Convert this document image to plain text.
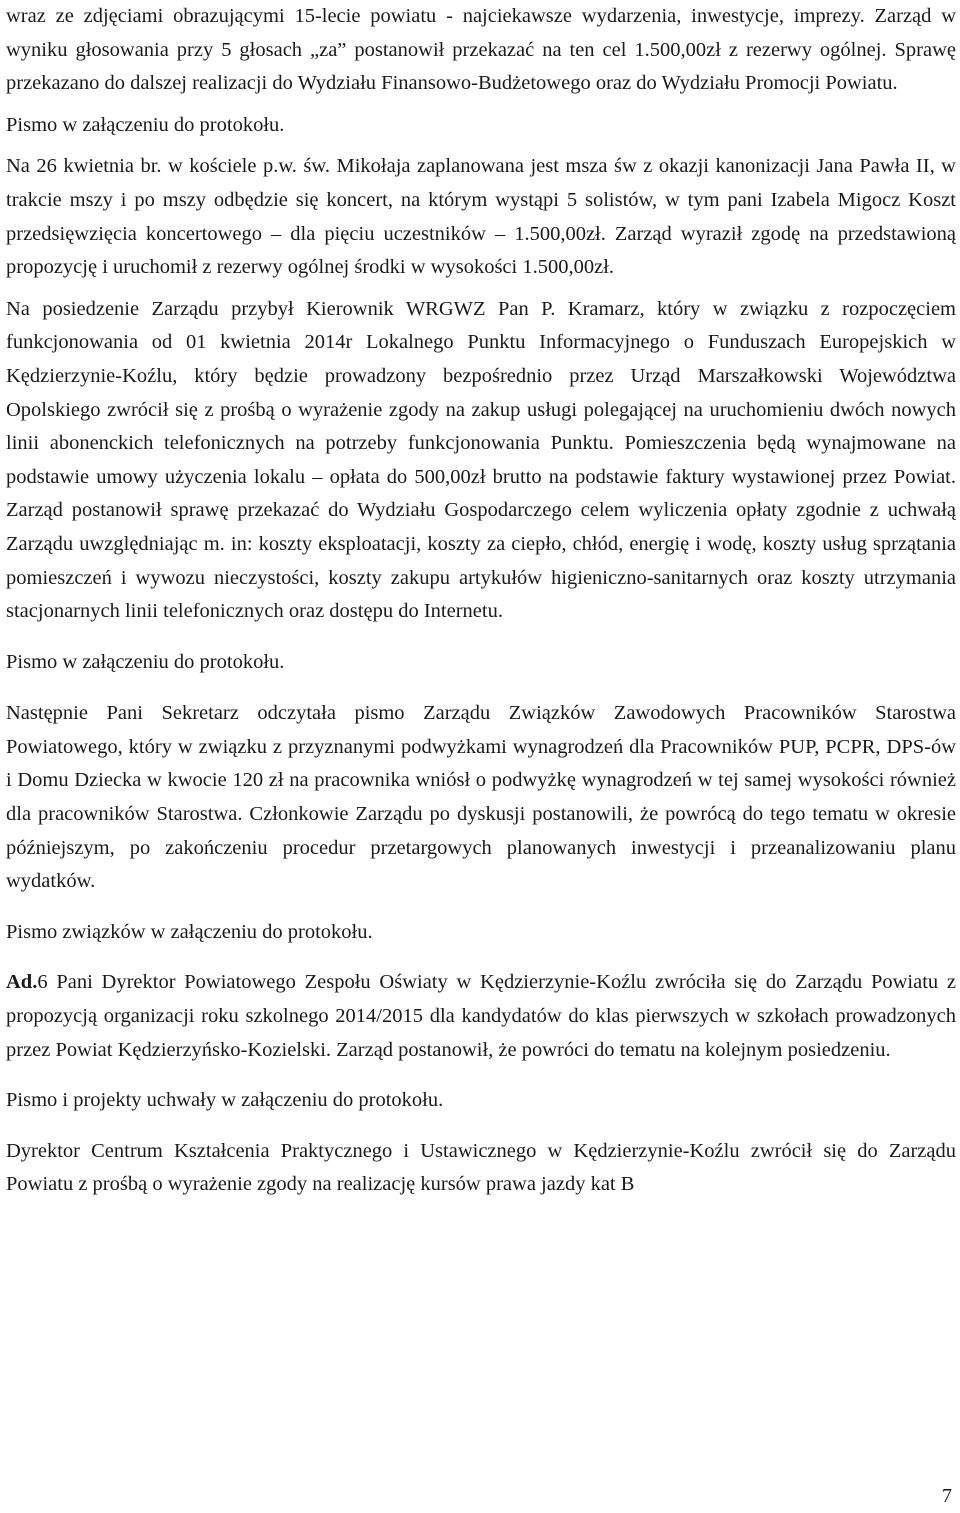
wraz ze zdjęciami obrazującymi 15-lecie powiatu - najciekawsze wydarzenia, inwestycje, imprezy. Zarząd w wyniku głosowania przy 5 głosach „za” postanowił przekazać na ten cel 1.500,00zł z rezerwy ogólnej. Sprawę przekazano do dalszej realizacji do Wydziału Finansowo-Budżetowego oraz do Wydziału Promocji Powiatu.

Pismo w załączeniu do protokołu.

Na 26 kwietnia br. w kościele p.w. św. Mikołaja zaplanowana jest msza św z okazji kanonizacji Jana Pawła II, w trakcie mszy i po mszy odbędzie się koncert, na którym wystąpi 5 solistów, w tym pani Izabela Migocz Koszt przedsięwzięcia koncertowego – dla pięciu uczestników – 1.500,00zł. Zarząd wyraził zgodę na przedstawioną propozycję i uruchomił z rezerwy ogólnej środki w wysokości 1.500,00zł.

Na posiedzenie Zarządu przybył Kierownik WRGWZ Pan P. Kramarz, który w związku z rozpoczęciem funkcjonowania od 01 kwietnia 2014r Lokalnego Punktu Informacyjnego o Funduszach Europejskich w Kędzierzynie-Koźlu, który będzie prowadzony bezpośrednio przez Urząd Marszałkowski Województwa Opolskiego zwrócił się z prośbą o wyrażenie zgody na zakup usługi polegającej na uruchomieniu dwóch nowych linii abonenckich telefonicznych na potrzeby funkcjonowania Punktu. Pomieszczenia będą wynajmowane na podstawie umowy użyczenia lokalu – opłata do 500,00zł brutto na podstawie faktury wystawionej przez Powiat. Zarząd postanowił sprawę przekazać do Wydziału Gospodarczego celem wyliczenia opłaty zgodnie z uchwałą Zarządu uwzględniając m. in: koszty eksploatacji, koszty za ciepło, chłód, energię i wodę, koszty usług sprzątania pomieszczeń i wywozu nieczystości, koszty zakupu artykułów higieniczno-sanitarnych oraz koszty utrzymania stacjonarnych linii telefonicznych oraz dostępu do Internetu.

Pismo w załączeniu do protokołu.

Następnie Pani Sekretarz odczytała pismo Zarządu Związków Zawodowych Pracowników Starostwa Powiatowego, który w związku z przyznanymi podwyżkami wynagrodzeń dla Pracowników PUP, PCPR, DPS-ów i Domu Dziecka w kwocie 120 zł na pracownika wniósł o podwyżkę wynagrodzeń w tej samej wysokości również dla pracowników Starostwa. Członkowie Zarządu po dyskusji postanowili, że powrócą do tego tematu w okresie późniejszym, po zakończeniu procedur przetargowych planowanych inwestycji i przeanalizowaniu planu wydatków.

Pismo związków w załączeniu do protokołu.

Ad.6 Pani Dyrektor Powiatowego Zespołu Oświaty w Kędzierzynie-Koźlu zwróciła się do Zarządu Powiatu z propozycją organizacji roku szkolnego 2014/2015 dla kandydatów do klas pierwszych w szkołach prowadzonych przez Powiat Kędzierzyńsko-Kozielski. Zarząd postanowił, że powróci do tematu na kolejnym posiedzeniu.

Pismo i projekty uchwały w załączeniu do protokołu.

Dyrektor Centrum Kształcenia Praktycznego i Ustawicznego w Kędzierzynie-Koźlu zwrócił się do Zarządu Powiatu z prośbą o wyrażenie zgody na realizację kursów prawa jazdy kat B

7
